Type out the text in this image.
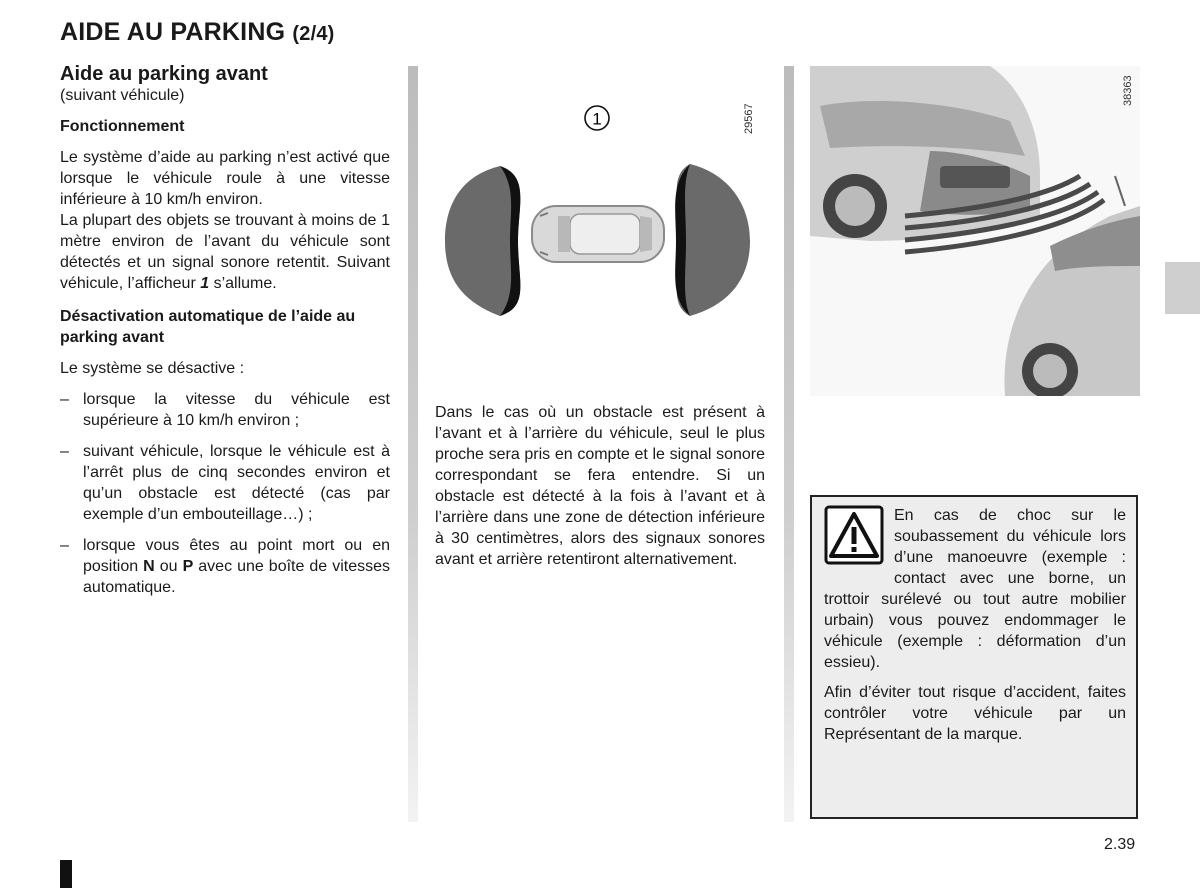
AIDE AU PARKING (2/4)
Aide au parking avant
(suivant véhicule)
Fonctionnement

Le système d’aide au parking n’est activé que lorsque le véhicule roule à une vitesse inférieure à 10 km/h environ.

La plupart des objets se trouvant à moins de 1 mètre environ de l’avant du véhicule sont détectés et un signal sonore retentit. Suivant véhicule, l’afficheur 1 s’allume.

Désactivation automatique de l’aide au parking avant

Le système se désactive :

– lorsque la vitesse du véhicule est supérieure à 10 km/h environ ;
– suivant véhicule, lorsque le véhicule est à l’arrêt plus de cinq secondes environ et qu’un obstacle est détecté (cas par exemple d’un embouteillage…) ;
– lorsque vous êtes au point mort ou en position N ou P avec une boîte de vitesses automatique.
1	29567
38363

Dans le cas où un obstacle est présent à l’avant et à l’arrière du véhicule, seul le plus proche sera pris en compte et le signal sonore correspondant se fera entendre. Si un obstacle est détecté à la fois à l’avant et à l’arrière dans une zone de détection inférieure à 30 centimètres, alors des signaux sonores avant et arrière retentiront alternativement.

En cas de choc sur le soubassement du véhicule lors d’une manoeuvre (exemple : contact avec une borne, un trottoir surélevé ou tout autre mobilier urbain) vous pouvez endommager le véhicule (exemple : déformation d’un essieu).

Afin d’éviter tout risque d’accident, faites contrôler votre véhicule par un Représentant de la marque.

2.39
